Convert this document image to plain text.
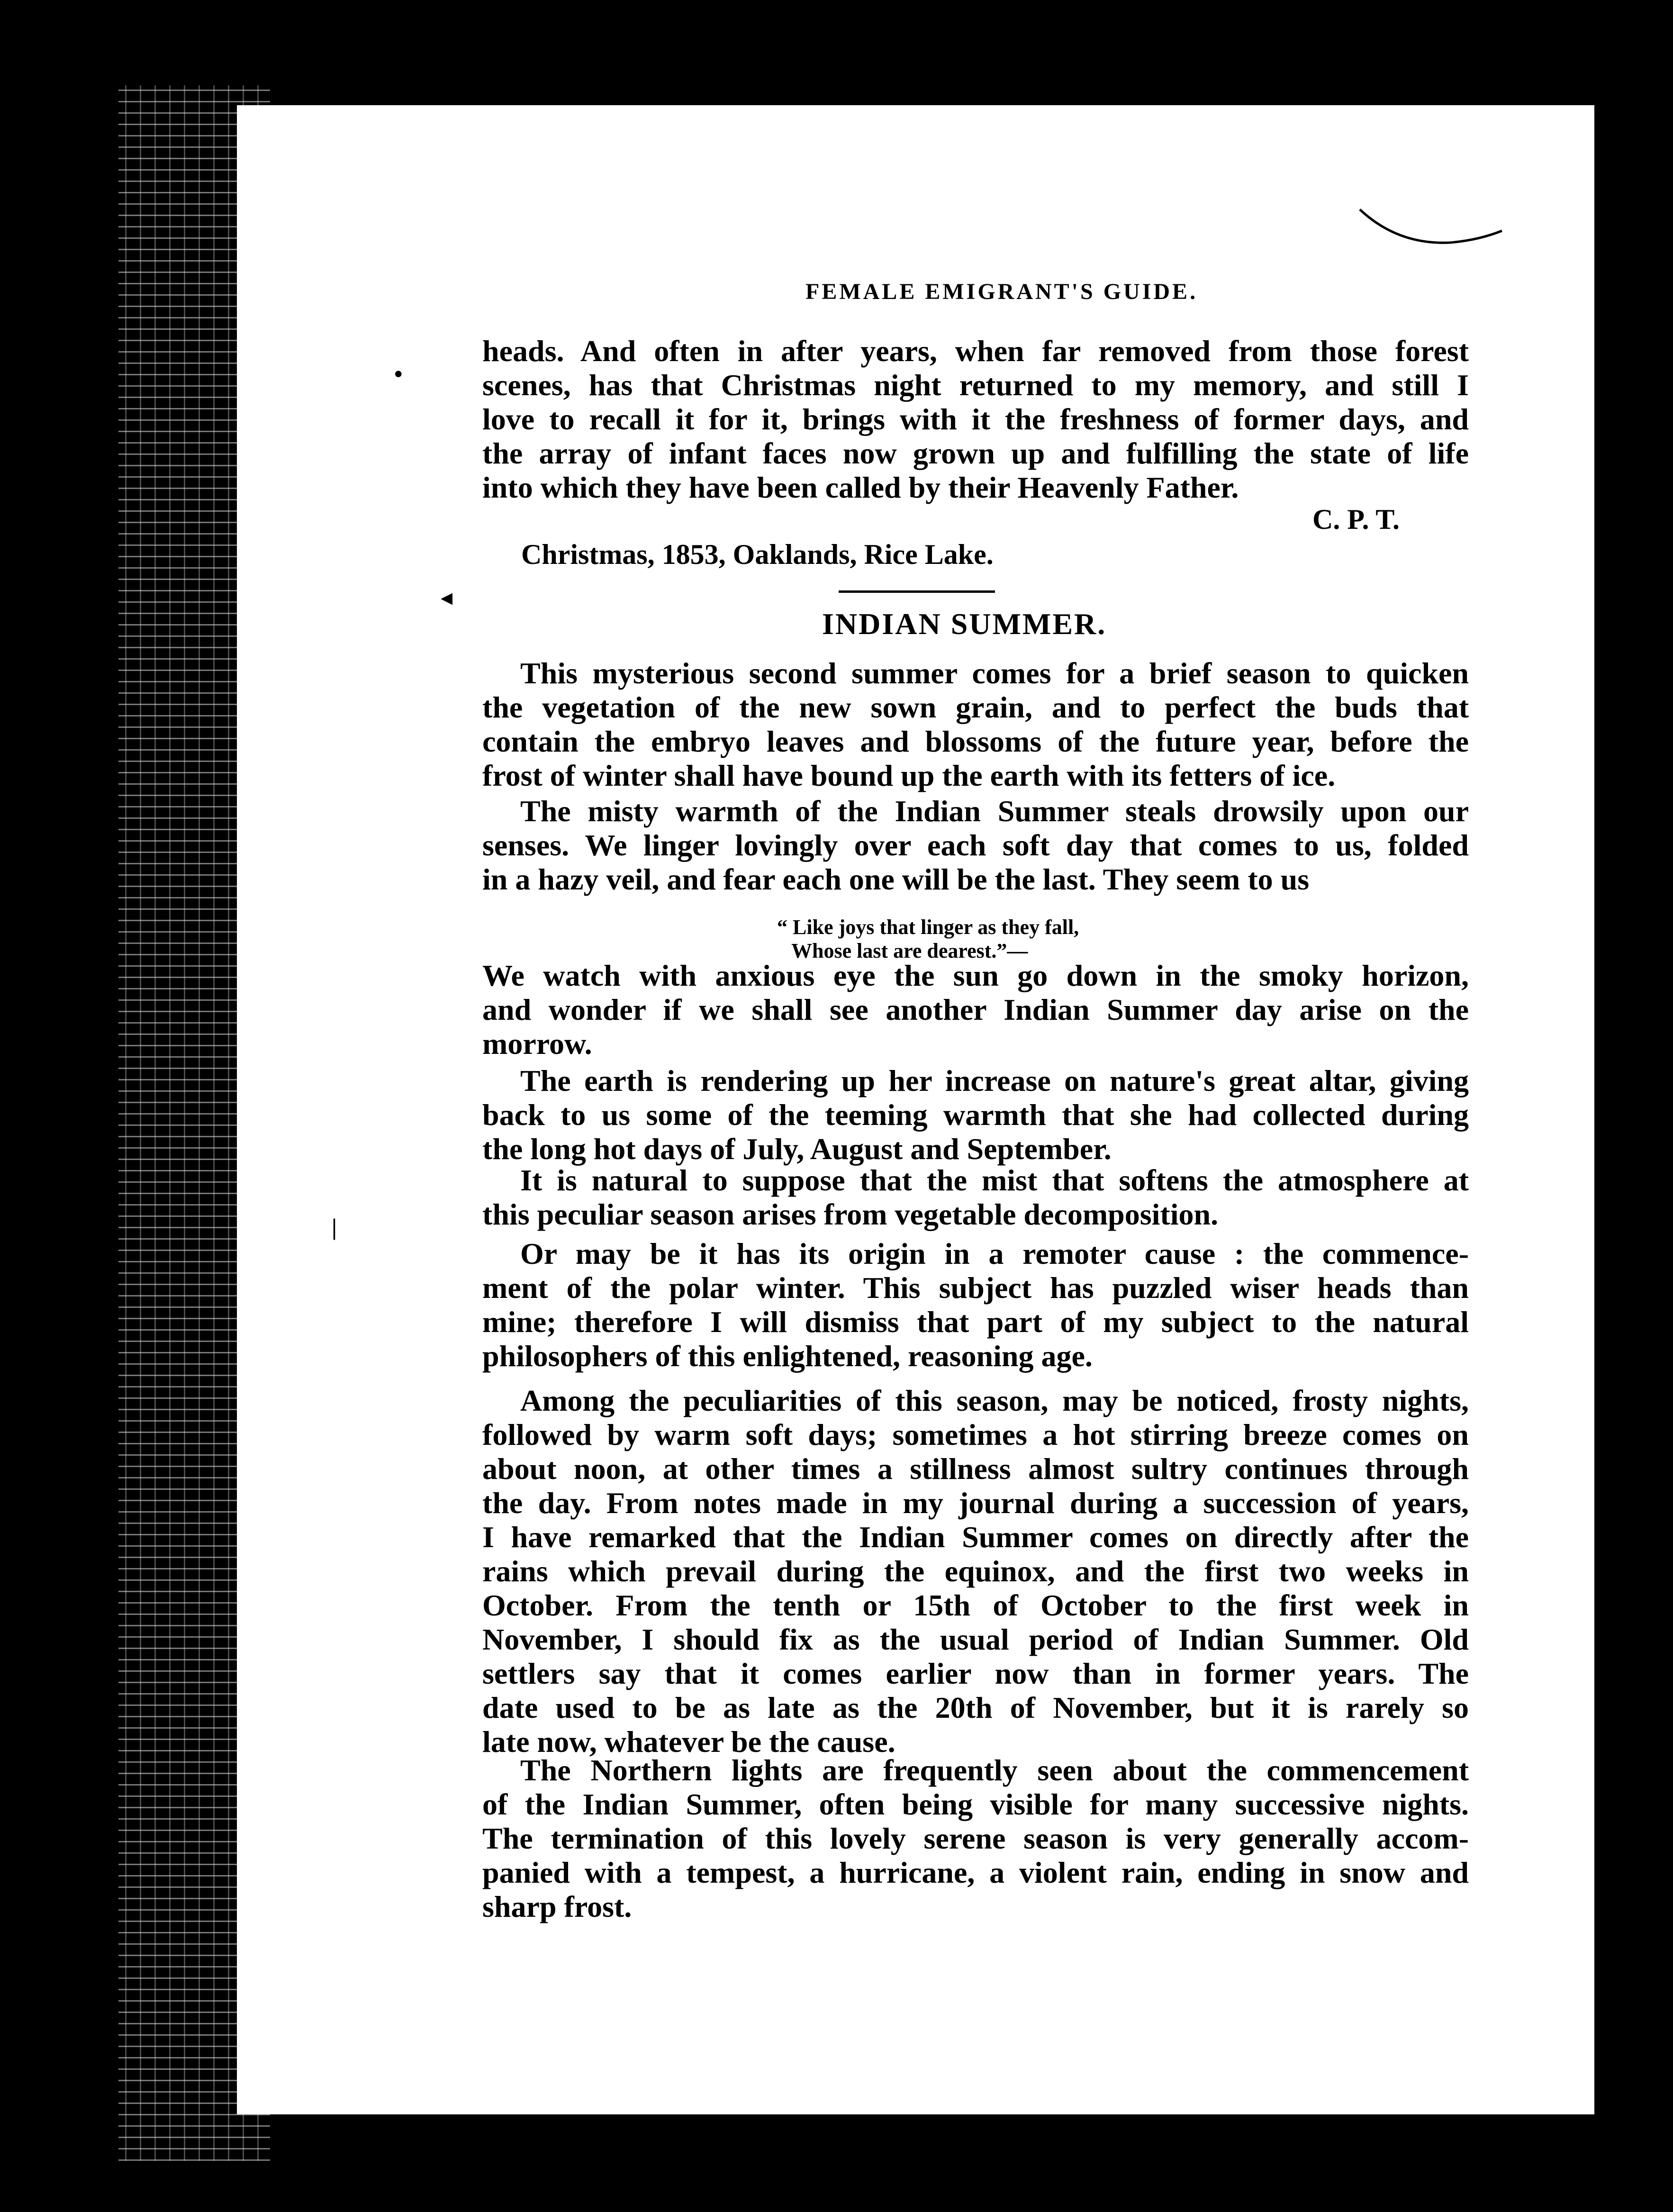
FEMALE EMIGRANT'S GUIDE.
heads. And often in after years, when far removed from those forest
scenes, has that Christmas night returned to my memory, and still I
love to recall it for it, brings with it the freshness of former days, and
the array of infant faces now grown up and fulfilling the state of life
into which they have been called by their Heavenly Father.
C. P. T.
Christmas, 1853, Oaklands, Rice Lake.
INDIAN SUMMER.
This mysterious second summer comes for a brief season to quicken
the vegetation of the new sown grain, and to perfect the buds that
contain the embryo leaves and blossoms of the future year, before the
frost of winter shall have bound up the earth with its fetters of ice.
The misty warmth of the Indian Summer steals drowsily upon our
senses. We linger lovingly over each soft day that comes to us, folded
in a hazy veil, and fear each one will be the last. They seem to us
“ Like joys that linger as they fall,
Whose last are dearest.”—
We watch with anxious eye the sun go down in the smoky horizon,
and wonder if we shall see another Indian Summer day arise on the
morrow.
The earth is rendering up her increase on nature's great altar, giving
back to us some of the teeming warmth that she had collected during
the long hot days of July, August and September.
It is natural to suppose that the mist that softens the atmosphere at
this peculiar season arises from vegetable decomposition.
Or may be it has its origin in a remoter cause : the commence-
ment of the polar winter. This subject has puzzled wiser heads than
mine; therefore I will dismiss that part of my subject to the natural
philosophers of this enlightened, reasoning age.
Among the peculiarities of this season, may be noticed, frosty nights,
followed by warm soft days; sometimes a hot stirring breeze comes on
about noon, at other times a stillness almost sultry continues through
the day. From notes made in my journal during a succession of years,
I have remarked that the Indian Summer comes on directly after the
rains which prevail during the equinox, and the first two weeks in
October. From the tenth or 15th of October to the first week in
November, I should fix as the usual period of Indian Summer. Old
settlers say that it comes earlier now than in former years. The
date used to be as late as the 20th of November, but it is rarely so
late now, whatever be the cause.
The Northern lights are frequently seen about the commencement
of the Indian Summer, often being visible for many successive nights.
The termination of this lovely serene season is very generally accom-
panied with a tempest, a hurricane, a violent rain, ending in snow and
sharp frost.
f
s
g
w
b
ea
an
he
the
to
anc
A
pen
I
prep
sum
Spri
•
◂
|
